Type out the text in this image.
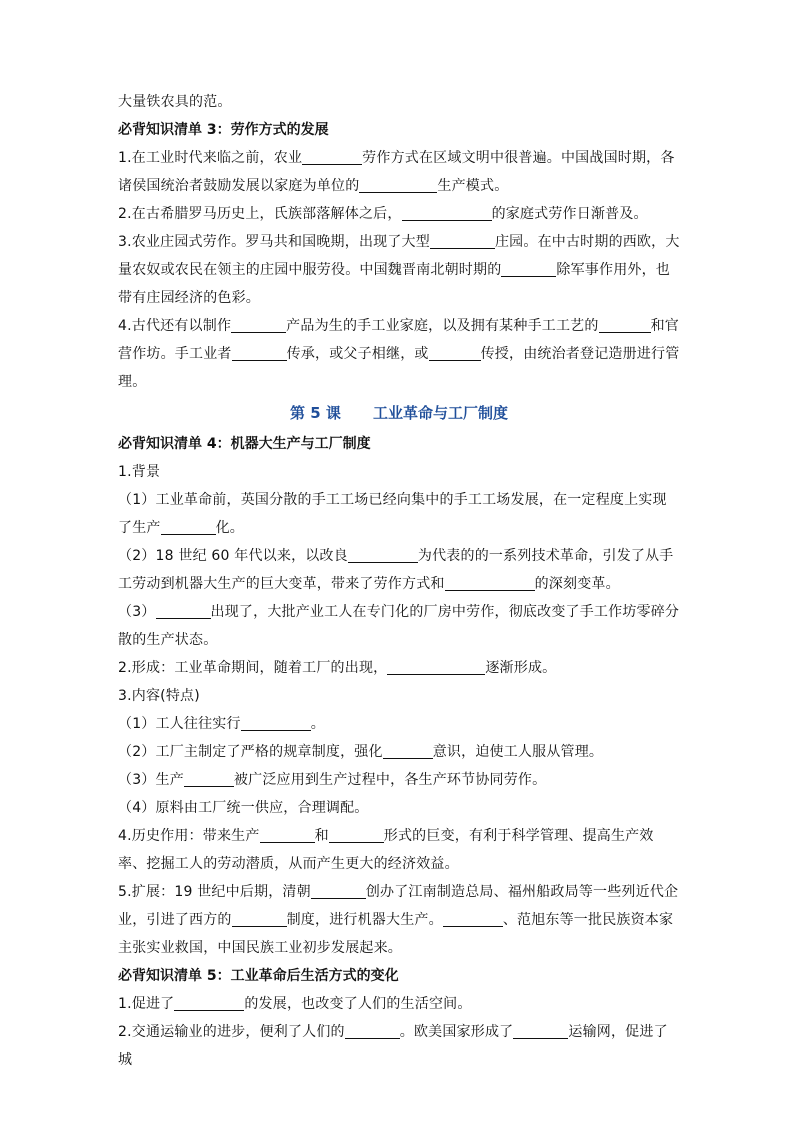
大量铁农具的范。

必背知识清单 3：劳作方式的发展

1.在工业时代来临之前，农业	劳作方式在区域文明中很普遍。中国战国时期，各诸侯国统治者鼓励发展以家庭为单位的	生产模式。

2.在古希腊罗马历史上，氏族部落解体之后，	的家庭式劳作日渐普及。

3.农业庄园式劳作。罗马共和国晚期，出现了大型	庄园。在中古时期的西欧，大量农奴或农民在领主的庄园中服劳役。中国魏晋南北朝时期的	除军事作用外，也带有庄园经济的色彩。

4.古代还有以制作	产品为生的手工业家庭，以及拥有某种手工工艺的	和官营作坊。手工业者	传承，或父子相继，或	传授，由统治者登记造册进行管理。

第 5 课 工业革命与工厂制度

必背知识清单 4：机器大生产与工厂制度

1.背景

（1）工业革命前，英国分散的手工工场已经向集中的手工工场发展，在一定程度上实现了生产	化。

（2）18 世纪 60 年代以来，以改良	为代表的的一系列技术革命，引发了从手工劳动到机器大生产的巨大变革，带来了劳作方式和	的深刻变革。

（3）	出现了，大批产业工人在专门化的厂房中劳作，彻底改变了手工作坊零碎分散的生产状态。

2.形成：工业革命期间，随着工厂的出现，	逐渐形成。

3.内容(特点)

（1）工人往往实行	。

（2）工厂主制定了严格的规章制度，强化	意识，迫使工人服从管理。

（3）生产	被广泛应用到生产过程中，各生产环节协同劳作。

（4）原料由工厂统一供应，合理调配。

4.历史作用：带来生产	和	形式的巨变，有利于科学管理、提高生产效率、挖掘工人的劳动潜质，从而产生更大的经济效益。

5.扩展：19 世纪中后期，清朝	创办了江南制造总局、福州船政局等一些列近代企业，引进了西方的	制度，进行机器大生产。	、范旭东等一批民族资本家主张实业救国，中国民族工业初步发展起来。

必背知识清单 5：工业革命后生活方式的变化

1.促进了	的发展，也改变了人们的生活空间。

2.交通运输业的进步，便利了人们的	。欧美国家形成了	运输网，促进了城
